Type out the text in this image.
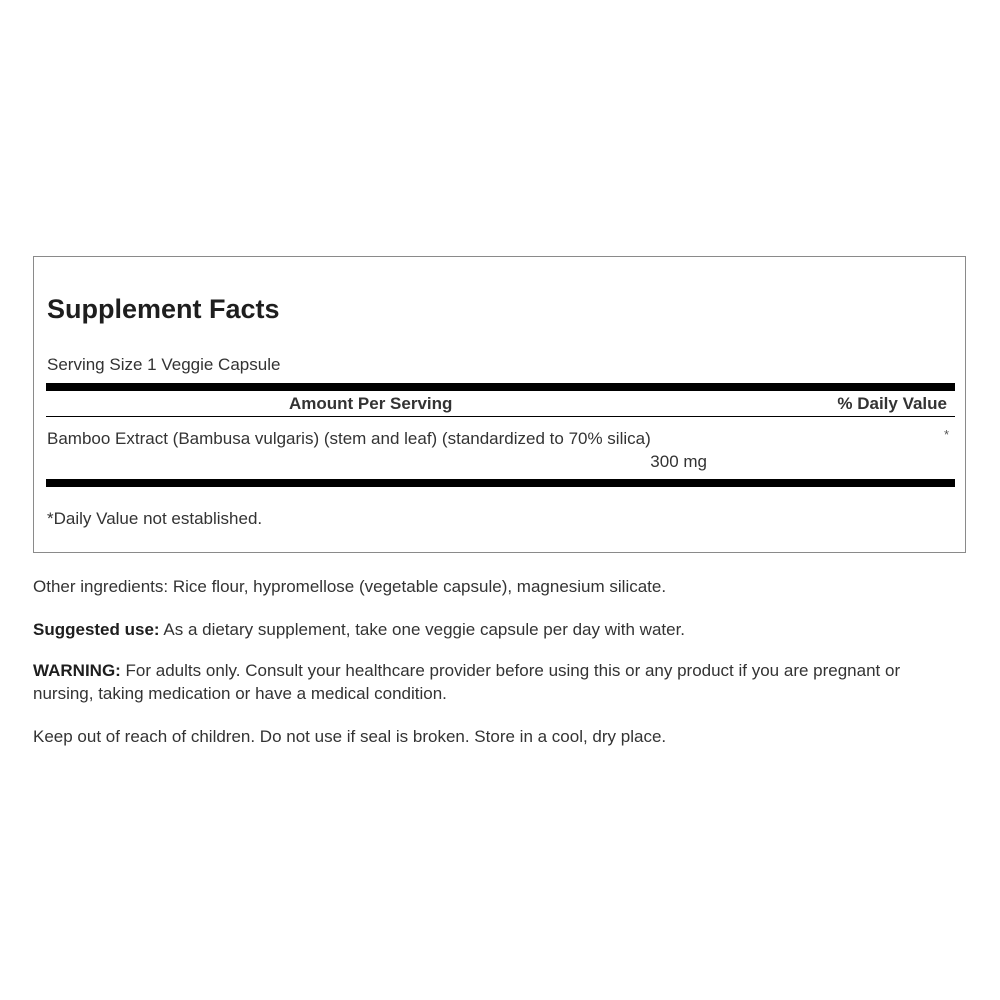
Supplement Facts
Serving Size 1 Veggie Capsule
Amount Per Serving	% Daily Value
Bamboo Extract (Bambusa vulgaris) (stem and leaf) (standardized to 70% silica)
300 mg
*
*Daily Value not established.
Other ingredients: Rice flour, hypromellose (vegetable capsule), magnesium silicate.
Suggested use: As a dietary supplement, take one veggie capsule per day with water.
WARNING: For adults only. Consult your healthcare provider before using this or any product if you are pregnant or nursing, taking medication or have a medical condition.
Keep out of reach of children. Do not use if seal is broken. Store in a cool, dry place.
